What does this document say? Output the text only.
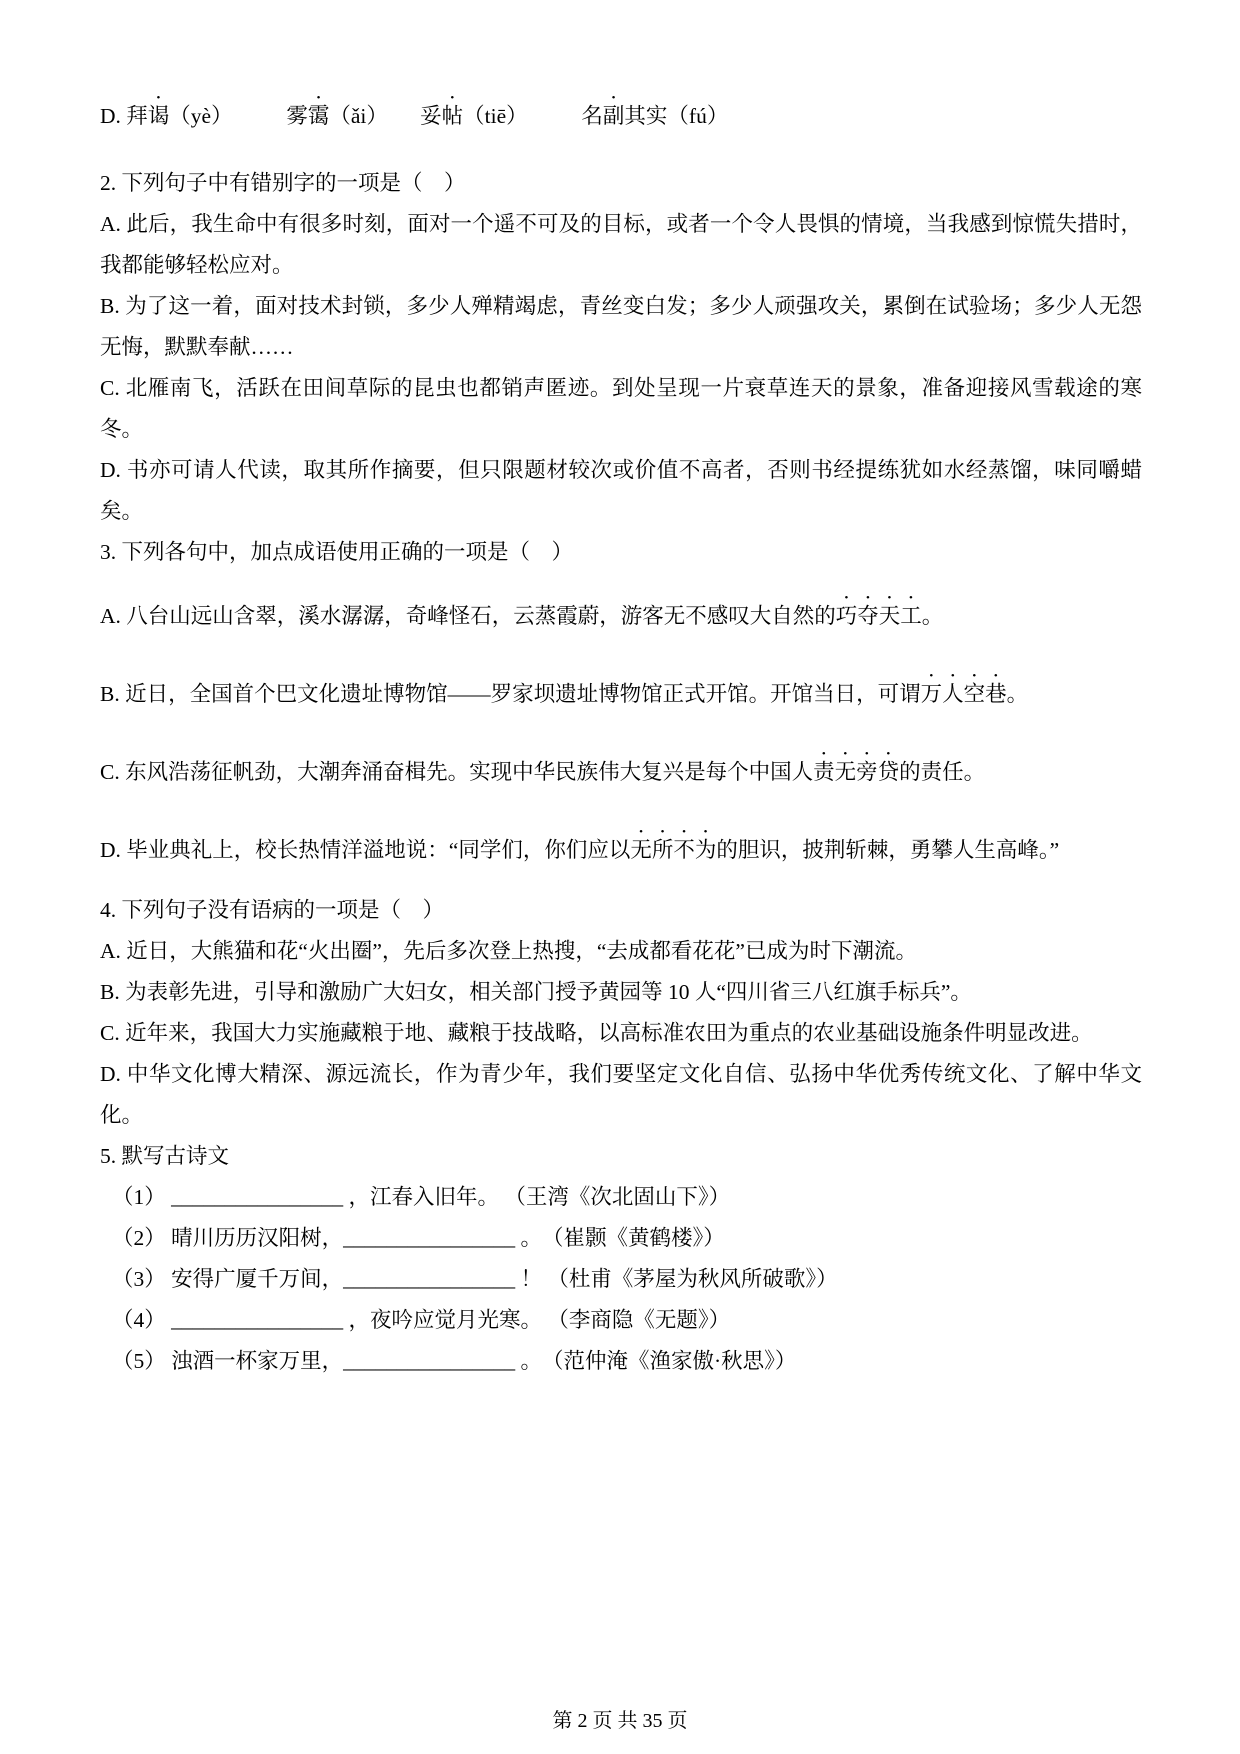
D. 拜谒（yè）　　　雾霭（ǎi）　　妥帖（tiē）　　　名副其实（fú）

2. 下列句子中有错别字的一项是（　）

A. 此后，我生命中有很多时刻，面对一个遥不可及的目标，或者一个令人畏惧的情境，当我感到惊慌失措时，我都能够轻松应对。

B. 为了这一着，面对技术封锁，多少人殚精竭虑，青丝变白发；多少人顽强攻关，累倒在试验场；多少人无怨无悔，默默奉献……

C. 北雁南飞，活跃在田间草际的昆虫也都销声匿迹。到处呈现一片衰草连天的景象，准备迎接风雪载途的寒冬。

D. 书亦可请人代读，取其所作摘要，但只限题材较次或价值不高者，否则书经提练犹如水经蒸馏，味同嚼蜡矣。

3. 下列各句中，加点成语使用正确的一项是（　）

A. 八台山远山含翠，溪水潺潺，奇峰怪石，云蒸霞蔚，游客无不感叹大自然的巧夺天工。

B. 近日，全国首个巴文化遗址博物馆——罗家坝遗址博物馆正式开馆。开馆当日，可谓万人空巷。

C. 东风浩荡征帆劲，大潮奔涌奋楫先。实现中华民族伟大复兴是每个中国人责无旁贷的责任。

D. 毕业典礼上，校长热情洋溢地说：“同学们，你们应以无所不为的胆识，披荆斩棘，勇攀人生高峰。”

4. 下列句子没有语病的一项是（　）

A. 近日，大熊猫和花“火出圈”，先后多次登上热搜，“去成都看花花”已成为时下潮流。

B. 为表彰先进，引导和激励广大妇女，相关部门授予黄园等 10 人“四川省三八红旗手标兵”。

C. 近年来，我国大力实施藏粮于地、藏粮于技战略，以高标准农田为重点的农业基础设施条件明显改进。

D. 中华文化博大精深、源远流长，作为青少年，我们要坚定文化自信、弘扬中华优秀传统文化、了解中华文化。

5. 默写古诗文

（1） ________________ ，江春入旧年。 （王湾《次北固山下》）

（2） 晴川历历汉阳树，________________ 。　（崔颢《黄鹤楼》）

（3） 安得广厦千万间，________________ ！ （杜甫《茅屋为秋风所破歌》）

（4） ________________ ，夜吟应觉月光寒。 （李商隐《无题》）

（5） 浊酒一杯家万里，________________ 。　（范仲淹《渔家傲·秋思》）

第 2 页 共 35 页
